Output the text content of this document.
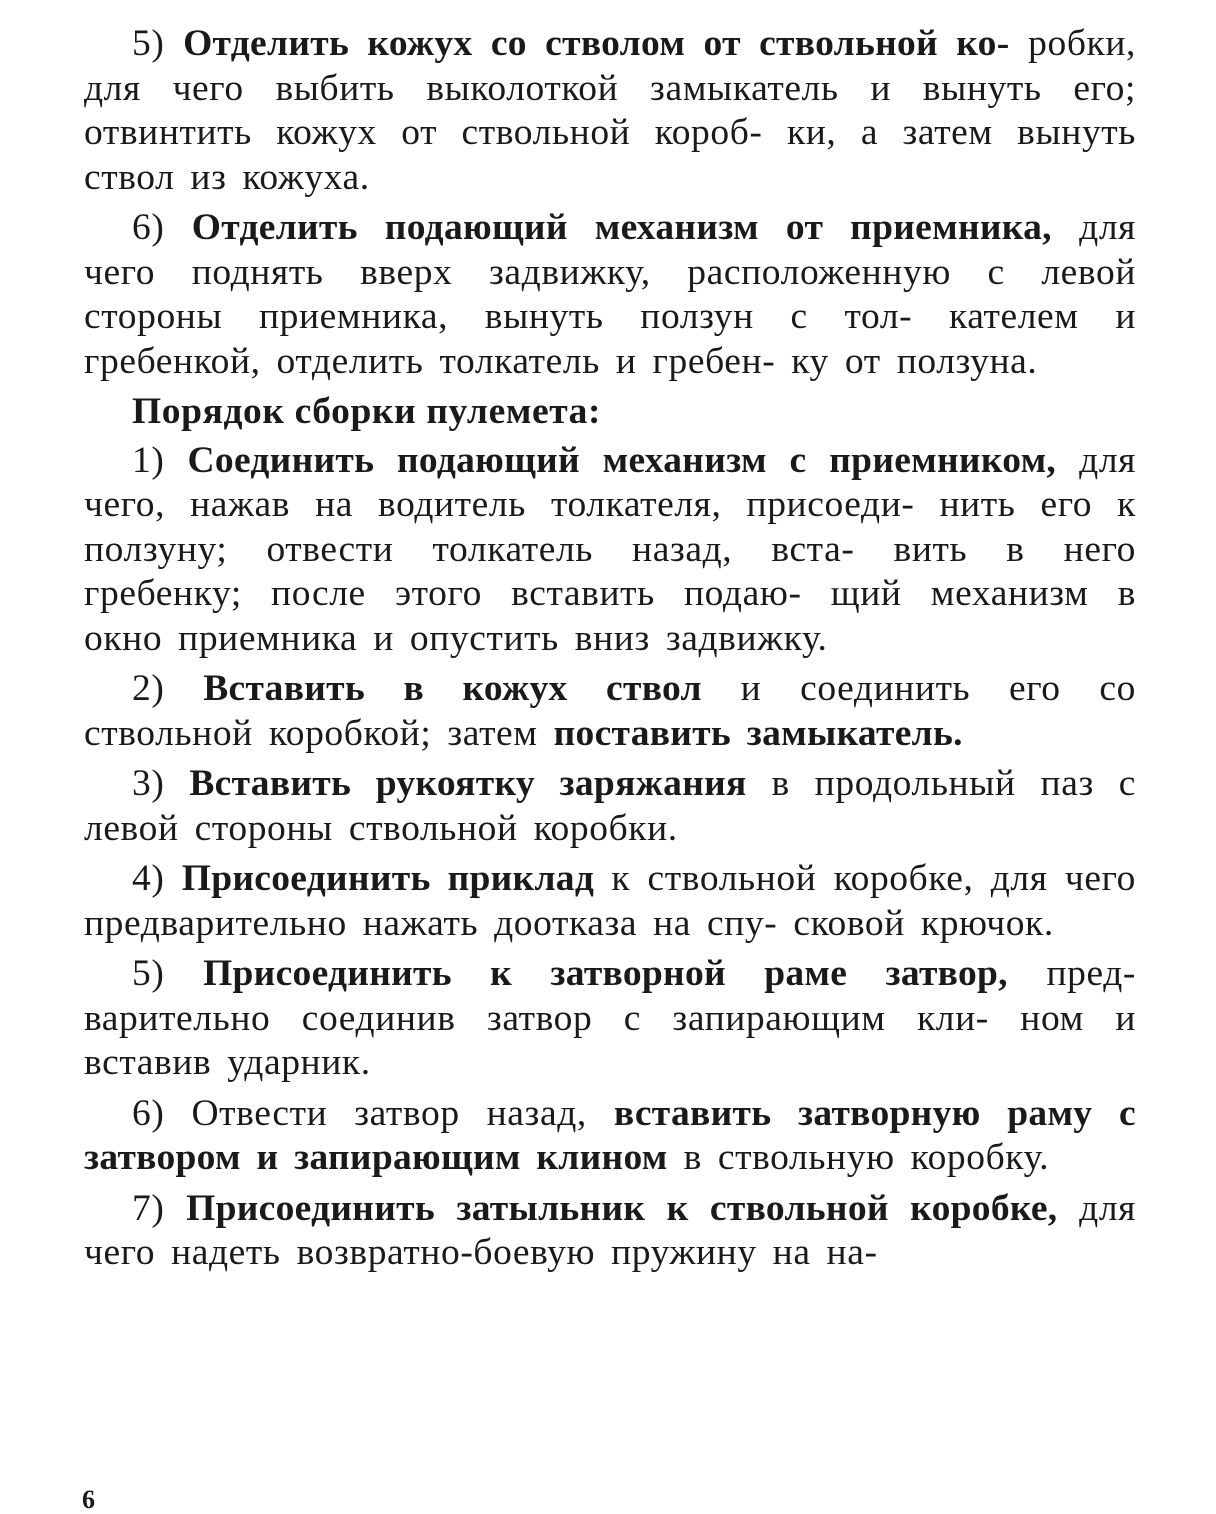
5) Отделить кожух со стволом от ствольной ко- робки, для чего выбить выколоткой замыкатель и вынуть его; отвинтить кожух от ствольной короб- ки, а затем вынуть ствол из кожуха.

6) Отделить подающий механизм от приемника, для чего поднять вверх задвижку, расположенную с левой стороны приемника, вынуть ползун с тол- кателем и гребенкой, отделить толкатель и гребен- ку от ползуна.

Порядок сборки пулемета:

1) Соединить подающий механизм с приемником, для чего, нажав на водитель толкателя, присоеди- нить его к ползуну; отвести толкатель назад, вста- вить в него гребенку; после этого вставить подаю- щий механизм в окно приемника и опустить вниз задвижку.

2) Вставить в кожух ствол и соединить его со ствольной коробкой; затем поставить замыкатель.

3) Вставить рукоятку заряжания в продольный паз с левой стороны ствольной коробки.

4) Присоединить приклад к ствольной коробке, для чего предварительно нажать доотказа на спу- сковой крючок.

5) Присоединить к затворной раме затвор, пред- варительно соединив затвор с запирающим кли- ном и вставив ударник.

6) Отвести затвор назад, вставить затворную раму с затвором и запирающим клином в ствольную коробку.

7) Присоединить затыльник к ствольной коробке, для чего надеть возвратно-боевую пружину на на-

6
